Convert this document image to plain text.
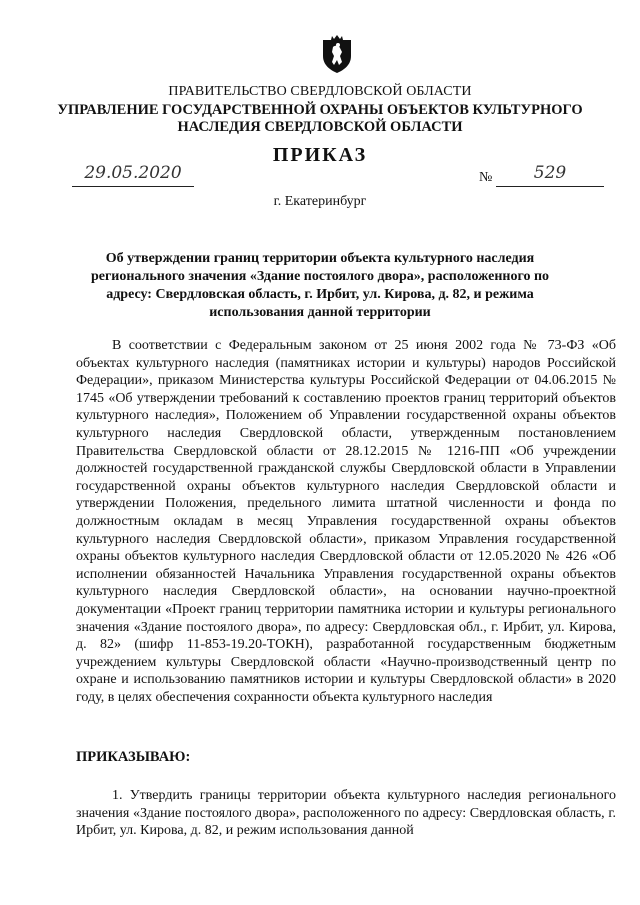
ПРАВИТЕЛЬСТВО СВЕРДЛОВСКОЙ ОБЛАСТИ
УПРАВЛЕНИЕ ГОСУДАРСТВЕННОЙ ОХРАНЫ ОБЪЕКТОВ КУЛЬТУРНОГО НАСЛЕДИЯ СВЕРДЛОВСКОЙ ОБЛАСТИ
ПРИКАЗ
29.05.2020	№	529
г. Екатеринбург
Об утверждении границ территории объекта культурного наследия регионального значения «Здание постоялого двора», расположенного по адресу: Свердловская область, г. Ирбит, ул. Кирова, д. 82, и режима использования данной территории

В соответствии с Федеральным законом от 25 июня 2002 года № 73-ФЗ «Об объектах культурного наследия (памятниках истории и культуры) народов Российской Федерации», приказом Министерства культуры Российской Федерации от 04.06.2015 № 1745 «Об утверждении требований к составлению проектов границ территорий объектов культурного наследия», Положением об Управлении государственной охраны объектов культурного наследия Свердловской области, утвержденным постановлением Правительства Свердловской области от 28.12.2015 № 1216-ПП «Об учреждении должностей государственной гражданской службы Свердловской области в Управлении государственной охраны объектов культурного наследия Свердловской области и утверждении Положения, предельного лимита штатной численности и фонда по должностным окладам в месяц Управления государственной охраны объектов культурного наследия Свердловской области», приказом Управления государственной охраны объектов культурного наследия Свердловской области от 12.05.2020 № 426 «Об исполнении обязанностей Начальника Управления государственной охраны объектов культурного наследия Свердловской области», на основании научно-проектной документации «Проект границ территории памятника истории и культуры регионального значения «Здание постоялого двора», по адресу: Свердловская обл., г. Ирбит, ул. Кирова, д. 82» (шифр 11-853-19.20-ТОКН), разработанной государственным бюджетным учреждением культуры Свердловской области «Научно-производственный центр по охране и использованию памятников истории и культуры Свердловской области» в 2020 году, в целях обеспечения сохранности объекта культурного наследия

ПРИКАЗЫВАЮ:

1. Утвердить границы территории объекта культурного наследия регионального значения «Здание постоялого двора», расположенного по адресу: Свердловская область, г. Ирбит, ул. Кирова, д. 82, и режим использования данной
